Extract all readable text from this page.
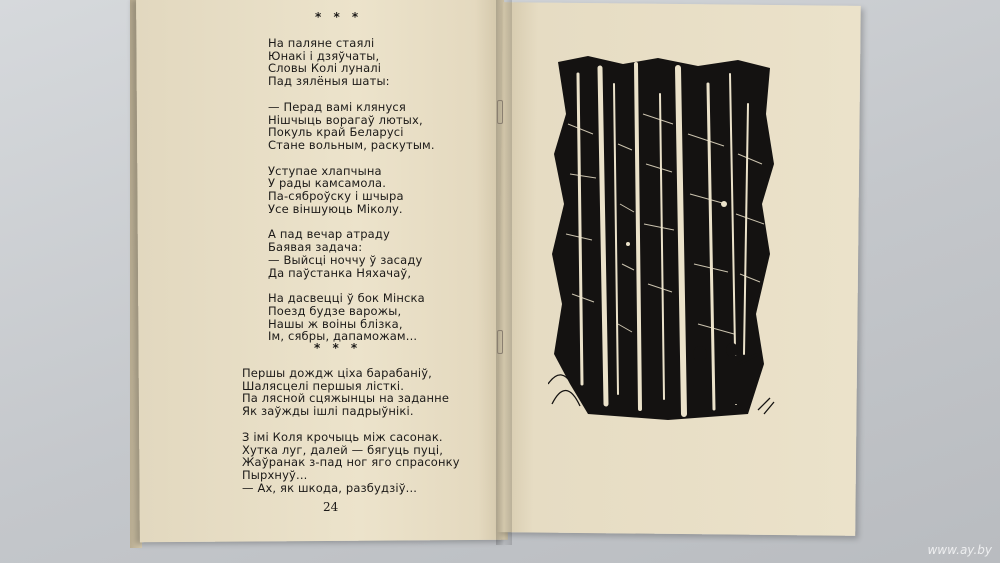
* * *
На паляне стаялі
Юнакі і дзяўчаты,
Словы Колі луналі
Пад зялёныя шаты:
— Перад вамі клянуся
Нішчыць ворагаў лютых,
Покуль край Беларусі
Стане вольным, раскутым.
Уступае хлапчына
У рады камсамола.
Па-сяброўску і шчыра
Усе віншуюць Міколу.
А пад вечар атраду
Баявая задача:
— Выйсці ноччу ў засаду
Да паўстанка Няхачаў,
На дасвецці ў бок Мінска
Поезд будзе варожы,
Нашы ж воіны блізка,
Ім, сябры, дапаможам...
* * *
Першы дождж ціха барабаніў,
Шалясцелі першыя лісткі.
Па лясной сцяжынцы на заданне
Як заўжды ішлі падрыўнікі.
З імі Коля крочыць між сасонак.
Хутка луг, далей — бягуць пуці,
Жаўранак з-пад ног яго спрасонку
Пырхнуў...
— Ах, як шкода, разбудзіў...
24
www.ay.by
